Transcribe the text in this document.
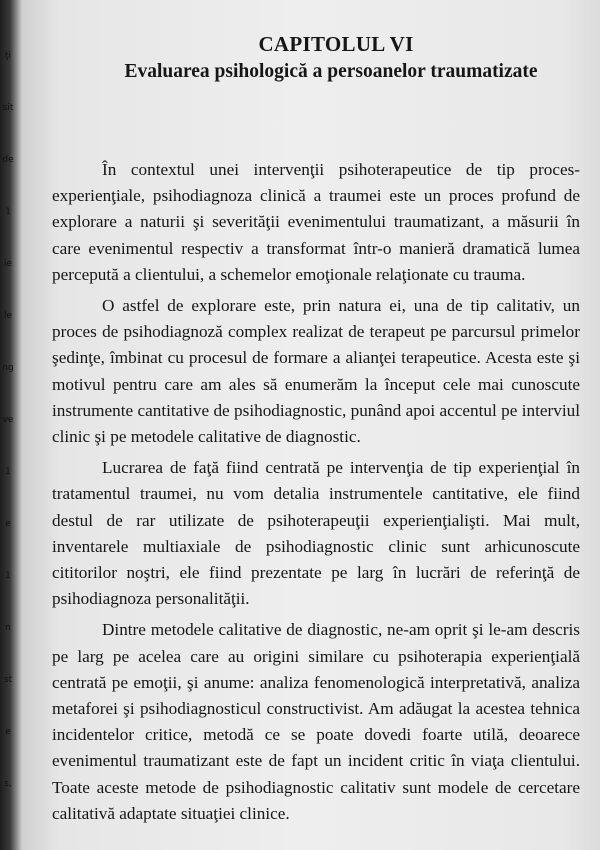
ţi
sit
de
1
ie
le
ng
ve
1
e
1
n
st
e
s,
CAPITOLUL VI
Evaluarea psihologică a persoanelor traumatizate

În contextul unei intervenţii psihoterapeutice de tip proces-experienţiale, psihodiagnoza clinică a traumei este un proces profund de explorare a naturii şi severităţii evenimentului traumatizant, a măsurii în care evenimentul respectiv a transformat într-o manieră dramatică lumea percepută a clientului, a schemelor emoţionale relaţionate cu trauma.

O astfel de explorare este, prin natura ei, una de tip calitativ, un proces de psihodiagnoză complex realizat de terapeut pe parcursul primelor şedinţe, îmbinat cu procesul de formare a alianţei terapeutice. Acesta este şi motivul pentru care am ales să enumerăm la început cele mai cunoscute instrumente cantitative de psihodiagnostic, punând apoi accentul pe interviul clinic şi pe metodele calitative de diagnostic.

Lucrarea de faţă fiind centrată pe intervenţia de tip experienţial în tratamentul traumei, nu vom detalia instrumentele cantitative, ele fiind destul de rar utilizate de psihoterapeuţii experienţialişti. Mai mult, inventarele multiaxiale de psihodiagnostic clinic sunt arhicunoscute cititorilor noştri, ele fiind prezentate pe larg în lucrări de referinţă de psihodiagnoza personalităţii.

Dintre metodele calitative de diagnostic, ne-am oprit şi le-am descris pe larg pe acelea care au origini similare cu psihoterapia experienţială centrată pe emoţii, şi anume: analiza fenomenologică interpretativă, analiza metaforei şi psihodiagnosticul constructivist. Am adăugat la acestea tehnica incidentelor critice, metodă ce se poate dovedi foarte utilă, deoarece evenimentul traumatizant este de fapt un incident critic în viaţa clientului. Toate aceste metode de psihodiagnostic calitativ sunt modele de cercetare calitativă adaptate situaţiei clinice.
